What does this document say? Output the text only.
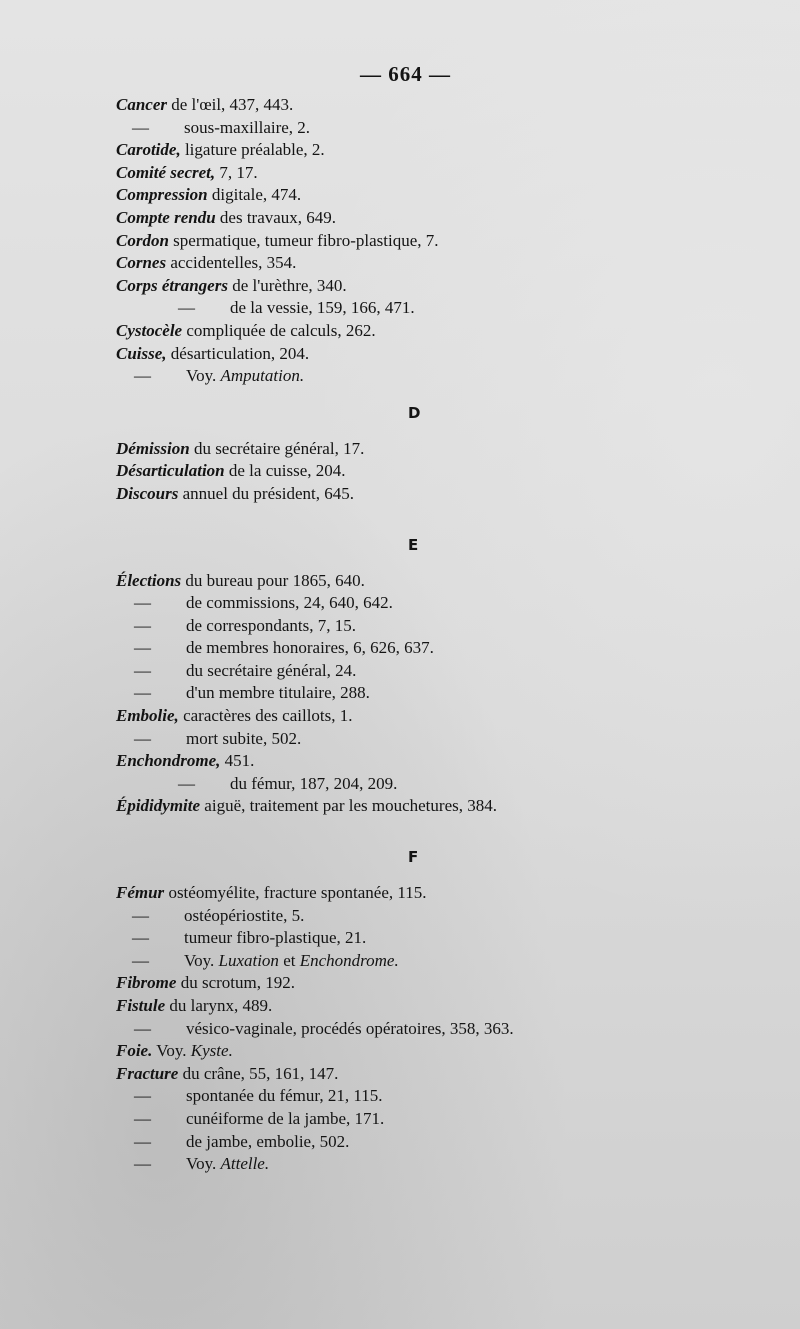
— 664 —
Cancer de l'œil, 437, 443.
— sous-maxillaire, 2.
Carotide, ligature préalable, 2.
Comité secret, 7, 17.
Compression digitale, 474.
Compte rendu des travaux, 649.
Cordon spermatique, tumeur fibro-plastique, 7.
Cornes accidentelles, 354.
Corps étrangers de l'urèthre, 340.
— de la vessie, 159, 166, 471.
Cystocèle compliquée de calculs, 262.
Cuisse, désarticulation, 204.
— Voy. Amputation.
D
Démission du secrétaire général, 17.
Désarticulation de la cuisse, 204.
Discours annuel du président, 645.
E
Élections du bureau pour 1865, 640.
— de commissions, 24, 640, 642.
— de correspondants, 7, 15.
— de membres honoraires, 6, 626, 637.
— du secrétaire général, 24.
— d'un membre titulaire, 288.
Embolie, caractères des caillots, 1.
— mort subite, 502.
Enchondrome, 451.
— du fémur, 187, 204, 209.
Épididymite aiguë, traitement par les mouchetures, 384.
F
Fémur ostéomyélite, fracture spontanée, 115.
— ostéopériostite, 5.
— tumeur fibro-plastique, 21.
— Voy. Luxation et Enchondrome.
Fibrome du scrotum, 192.
Fistule du larynx, 489.
— vésico-vaginale, procédés opératoires, 358, 363.
Foie. Voy. Kyste.
Fracture du crâne, 55, 161, 147.
— spontanée du fémur, 21, 115.
— cunéiforme de la jambe, 171.
— de jambe, embolie, 502.
— Voy. Attelle.
